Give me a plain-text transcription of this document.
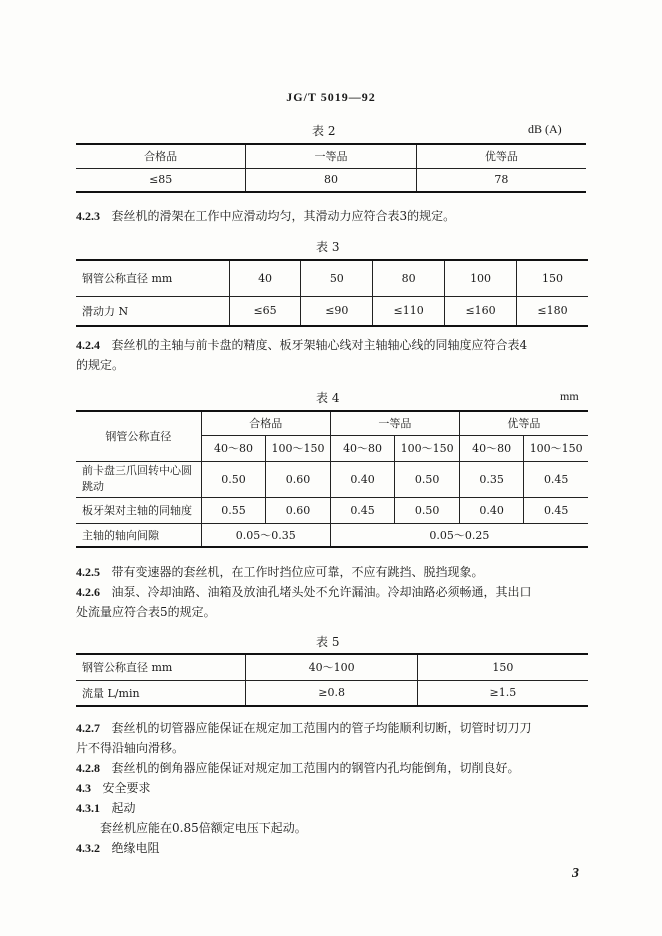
JG/T 5019—92
表 2	dB (A)
合格品	一等品	优等品
≤85	80	78
4.2.3 套丝机的滑架在工作中应滑动均匀，其滑动力应符合表3的规定。
表 3
钢管公称直径 mm	40	50	80	100	150
滑动力 N	≤65	≤90	≤110	≤160	≤180
4.2.4 套丝机的主轴与前卡盘的精度、板牙架轴心线对主轴轴心线的同轴度应符合表4
的规定。
表 4	mm
钢管公称直径	合格品		一等品		优等品	
	40～80	100～150	40～80	100～150	40～80	100～150
前卡盘三爪回转中心圆跳动	0.50	0.60	0.40	0.50	0.35	0.45
板牙架对主轴的同轴度	0.55	0.60	0.45	0.50	0.40	0.45
主轴的轴向间隙	0.05～0.35		0.05～0.25			
4.2.5 带有变速器的套丝机，在工作时挡位应可靠，不应有跳挡、脱挡现象。
4.2.6 油泵、冷却油路、油箱及放油孔堵头处不允许漏油。冷却油路必须畅通，其出口
处流量应符合表5的规定。
表 5
钢管公称直径 mm	40～100	150
流量 L/min	≥0.8	≥1.5
4.2.7 套丝机的切管器应能保证在规定加工范围内的管子均能顺利切断，切管时切刀刀
片不得沿轴向滑移。
4.2.8 套丝机的倒角器应能保证对规定加工范围内的钢管内孔均能倒角，切削良好。
4.3 安全要求
4.3.1 起动
套丝机应能在0.85倍额定电压下起动。
4.3.2 绝缘电阻
3
